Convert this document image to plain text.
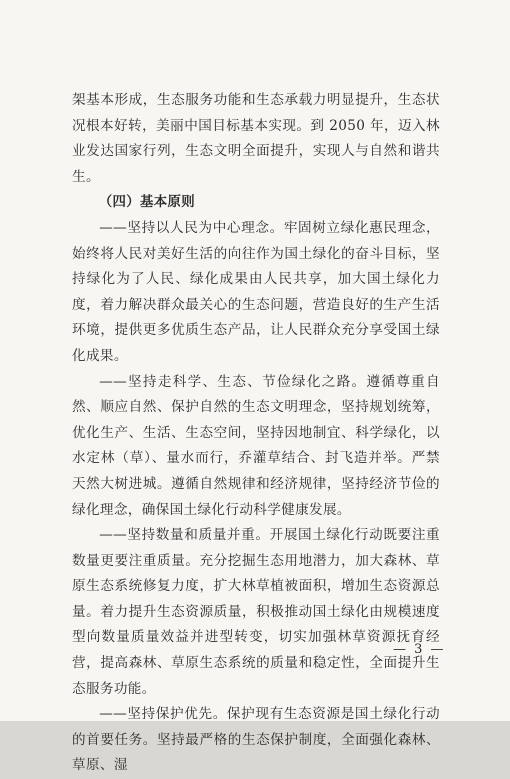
架基本形成，生态服务功能和生态承载力明显提升，生态状况根本好转，美丽中国目标基本实现。到 2050 年，迈入林业发达国家行列，生态文明全面提升，实现人与自然和谐共生。

（四）基本原则

——坚持以人民为中心理念。牢固树立绿化惠民理念，始终将人民对美好生活的向往作为国土绿化的奋斗目标，坚持绿化为了人民、绿化成果由人民共享，加大国土绿化力度，着力解决群众最关心的生态问题，营造良好的生产生活环境，提供更多优质生态产品，让人民群众充分享受国土绿化成果。

——坚持走科学、生态、节俭绿化之路。遵循尊重自然、顺应自然、保护自然的生态文明理念，坚持规划统筹，优化生产、生活、生态空间，坚持因地制宜、科学绿化，以水定林（草）、量水而行，乔灌草结合、封飞造并举。严禁天然大树进城。遵循自然规律和经济规律，坚持经济节俭的绿化理念，确保国土绿化行动科学健康发展。

——坚持数量和质量并重。开展国土绿化行动既要注重数量更要注重质量。充分挖掘生态用地潜力，加大森林、草原生态系统修复力度，扩大林草植被面积，增加生态资源总量。着力提升生态资源质量，积极推动国土绿化由规模速度型向数量质量效益并进型转变，切实加强林草资源抚育经营，提高森林、草原生态系统的质量和稳定性，全面提升生态服务功能。

——坚持保护优先。保护现有生态资源是国土绿化行动的首要任务。坚持最严格的生态保护制度，全面强化森林、草原、湿

— 3 —
